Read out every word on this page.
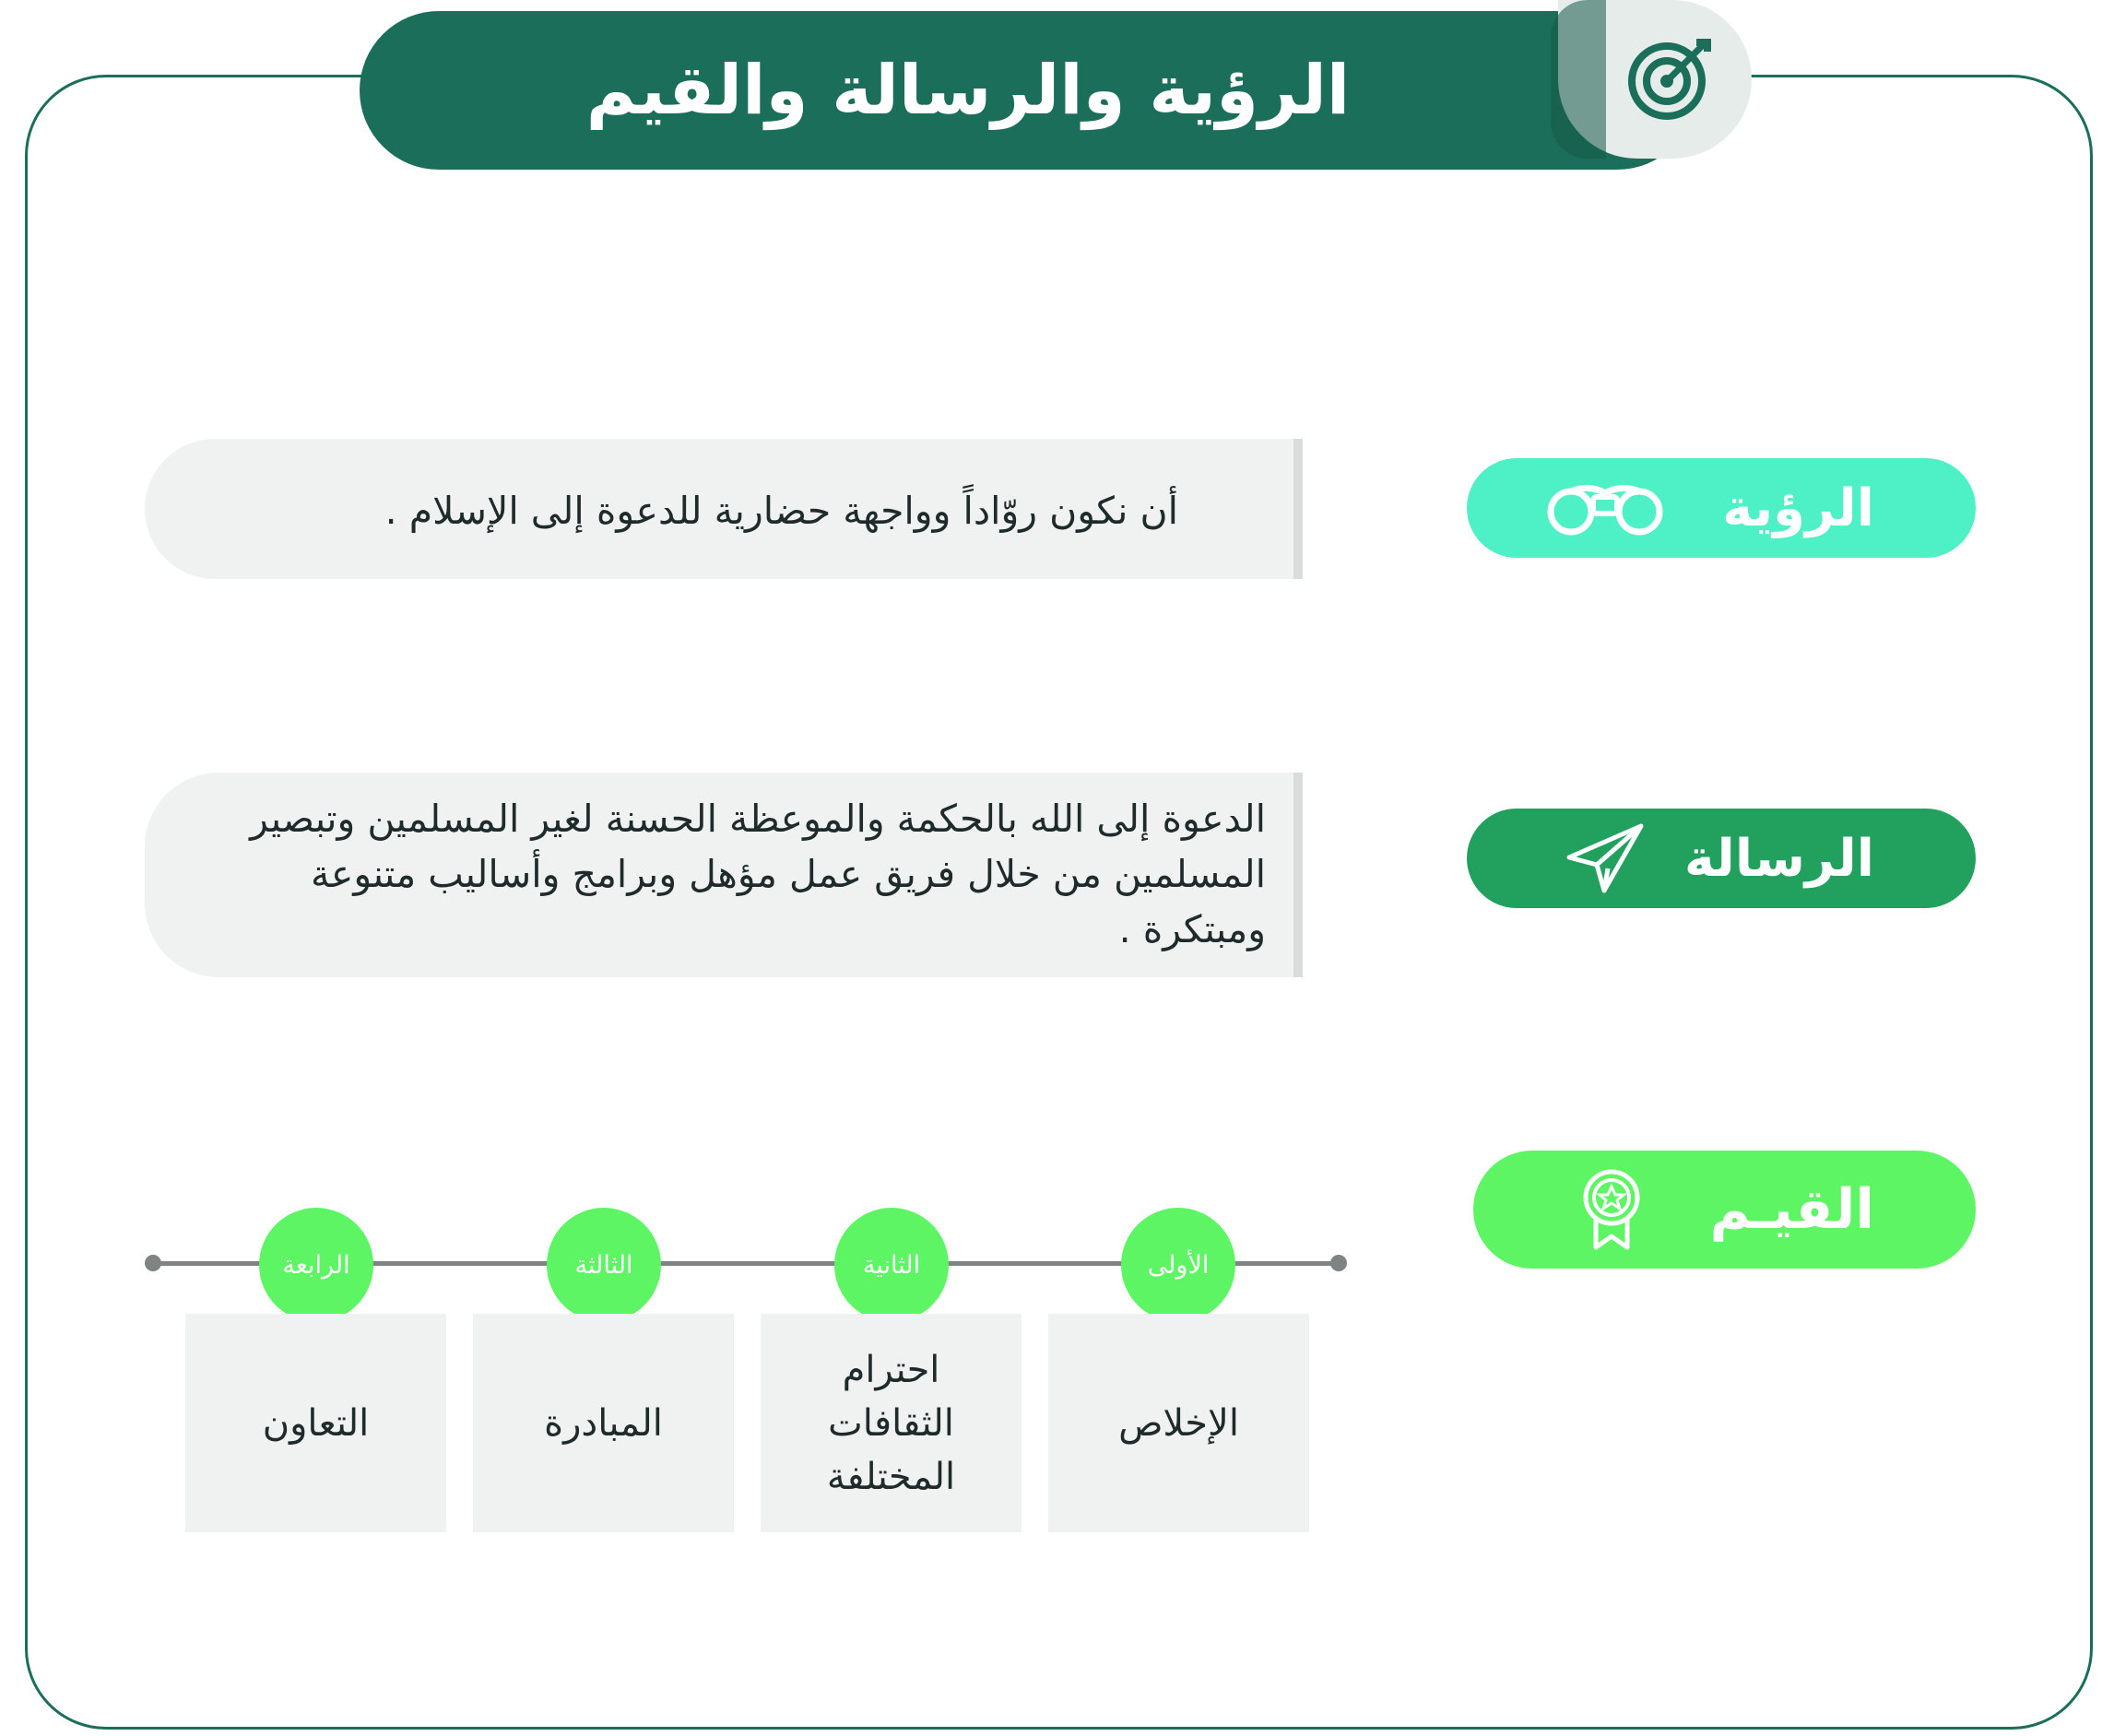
الرؤية والرسالة والقيم
الرؤية
أن نكون روّاداً وواجهة حضارية للدعوة إلى الإسلام .
الرسالة
الدعوة إلى الله بالحكمة والموعظة الحسنة لغير المسلمين وتبصير المسلمين من خلال فريق عمل مؤهل وبرامج وأساليب متنوعة ومبتكرة .
القيـم
الأولى
الثانية
الثالثة
الرابعة
الإخلاص
احترام الثقافات المختلفة
المبادرة
التعاون
